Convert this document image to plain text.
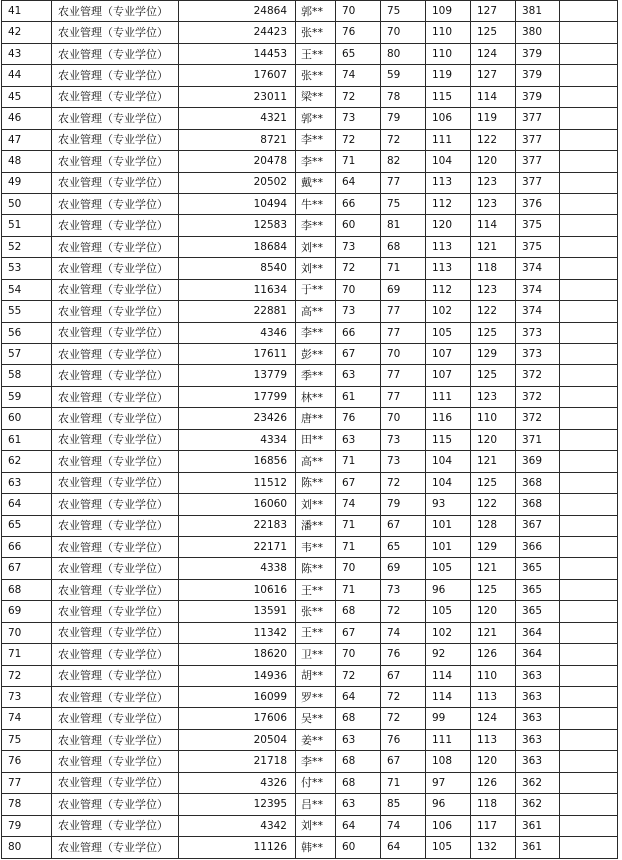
41	农业管理（专业学位）	24864	郭**	70	75	109	127	381	
42	农业管理（专业学位）	24423	张**	76	70	110	125	380	
43	农业管理（专业学位）	14453	王**	65	80	110	124	379	
44	农业管理（专业学位）	17607	张**	74	59	119	127	379	
45	农业管理（专业学位）	23011	梁**	72	78	115	114	379	
46	农业管理（专业学位）	4321	郭**	73	79	106	119	377	
47	农业管理（专业学位）	8721	李**	72	72	111	122	377	
48	农业管理（专业学位）	20478	李**	71	82	104	120	377	
49	农业管理（专业学位）	20502	戴**	64	77	113	123	377	
50	农业管理（专业学位）	10494	牛**	66	75	112	123	376	
51	农业管理（专业学位）	12583	李**	60	81	120	114	375	
52	农业管理（专业学位）	18684	刘**	73	68	113	121	375	
53	农业管理（专业学位）	8540	刘**	72	71	113	118	374	
54	农业管理（专业学位）	11634	于**	70	69	112	123	374	
55	农业管理（专业学位）	22881	高**	73	77	102	122	374	
56	农业管理（专业学位）	4346	李**	66	77	105	125	373	
57	农业管理（专业学位）	17611	彭**	67	70	107	129	373	
58	农业管理（专业学位）	13779	季**	63	77	107	125	372	
59	农业管理（专业学位）	17799	林**	61	77	111	123	372	
60	农业管理（专业学位）	23426	唐**	76	70	116	110	372	
61	农业管理（专业学位）	4334	田**	63	73	115	120	371	
62	农业管理（专业学位）	16856	高**	71	73	104	121	369	
63	农业管理（专业学位）	11512	陈**	67	72	104	125	368	
64	农业管理（专业学位）	16060	刘**	74	79	93	122	368	
65	农业管理（专业学位）	22183	潘**	71	67	101	128	367	
66	农业管理（专业学位）	22171	韦**	71	65	101	129	366	
67	农业管理（专业学位）	4338	陈**	70	69	105	121	365	
68	农业管理（专业学位）	10616	王**	71	73	96	125	365	
69	农业管理（专业学位）	13591	张**	68	72	105	120	365	
70	农业管理（专业学位）	11342	王**	67	74	102	121	364	
71	农业管理（专业学位）	18620	卫**	70	76	92	126	364	
72	农业管理（专业学位）	14936	胡**	72	67	114	110	363	
73	农业管理（专业学位）	16099	罗**	64	72	114	113	363	
74	农业管理（专业学位）	17606	吴**	68	72	99	124	363	
75	农业管理（专业学位）	20504	姜**	63	76	111	113	363	
76	农业管理（专业学位）	21718	李**	68	67	108	120	363	
77	农业管理（专业学位）	4326	付**	68	71	97	126	362	
78	农业管理（专业学位）	12395	吕**	63	85	96	118	362	
79	农业管理（专业学位）	4342	刘**	64	74	106	117	361	
80	农业管理（专业学位）	11126	韩**	60	64	105	132	361	
